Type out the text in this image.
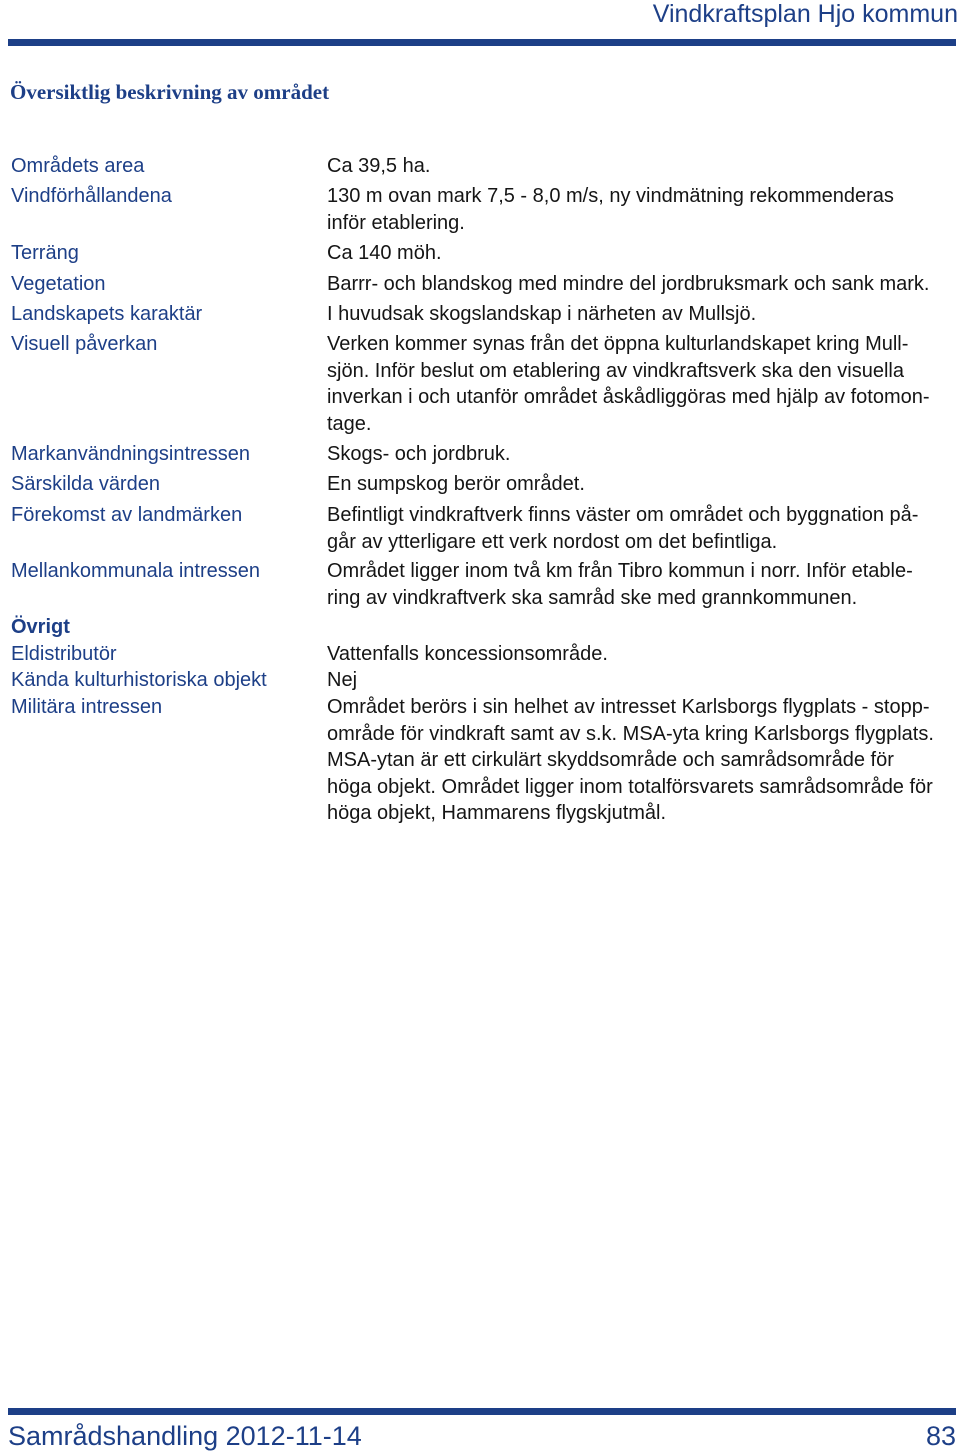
Vindkraftsplan Hjo kommun
Översiktlig beskrivning av området
Områdets area	Ca 39,5 ha.
Vindförhållandena	130 m ovan mark 7,5 - 8,0 m/s, ny vindmätning rekommenderas
inför etablering.
Terräng	Ca 140 möh.
Vegetation	Barrr- och blandskog med mindre del jordbruksmark och sank mark.
Landskapets karaktär	I huvudsak skogslandskap i närheten av Mullsjö.
Visuell påverkan	Verken kommer synas från det öppna kulturlandskapet kring Mull-
sjön. Inför beslut om etablering av vindkraftsverk ska den visuella
inverkan i och utanför området åskådliggöras med hjälp av fotomon-
tage.
Markanvändningsintressen	Skogs- och jordbruk.
Särskilda värden	En sumpskog berör området.
Förekomst av landmärken	Befintligt vindkraftverk finns väster om området och byggnation på-
går av ytterligare ett verk nordost om det befintliga.
Mellankommunala intressen	Området ligger inom två km från Tibro kommun i norr. Inför etable-
ring av vindkraftverk ska samråd ske med grannkommunen.
Övrigt
Eldistributör	Vattenfalls koncessionsområde.
Kända kulturhistoriska objekt	Nej
Militära intressen	Området berörs i sin helhet av intresset Karlsborgs flygplats - stopp-
område för vindkraft samt av s.k. MSA-yta kring Karlsborgs flygplats.
MSA-ytan är ett cirkulärt skyddsområde och samrådsområde för
höga objekt. Området ligger inom totalförsvarets samrådsområde för
höga objekt, Hammarens flygskjutmål.
Samrådshandling 2012-11-14	83
